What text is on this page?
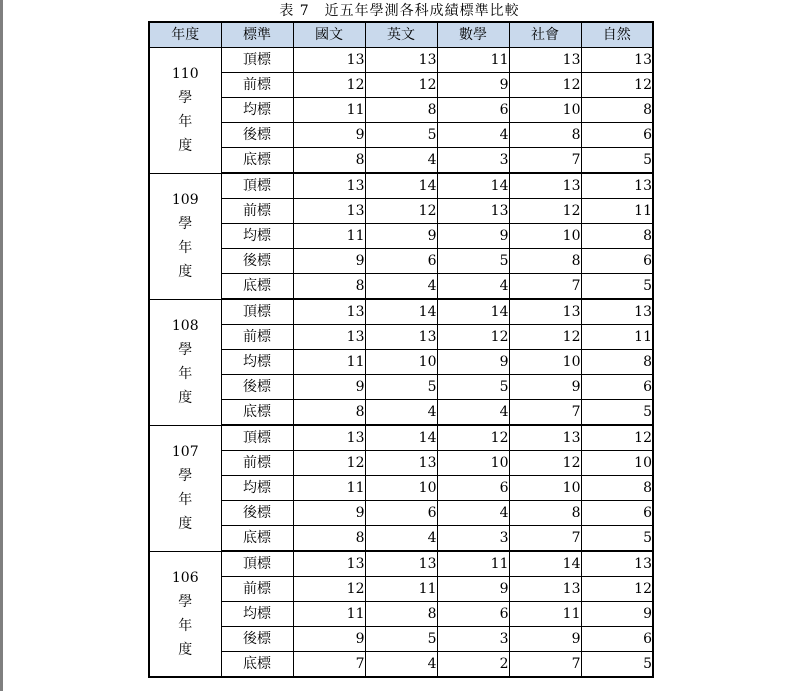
表 7　近五年學測各科成績標準比較
年度	標準	國文	英文	數學	社會	自然

110
學
年
度	頂標	13	13	11	13	13
	前標	12	12	9	12	12
	均標	11	8	6	10	8
	後標	9	5	4	8	6
	底標	8	4	3	7	5

109
學
年
度	頂標	13	14	14	13	13
	前標	13	12	13	12	11
	均標	11	9	9	10	8
	後標	9	6	5	8	6
	底標	8	4	4	7	5

108
學
年
度	頂標	13	14	14	13	13
	前標	13	13	12	12	11
	均標	11	10	9	10	8
	後標	9	5	5	9	6
	底標	8	4	4	7	5

107
學
年
度	頂標	13	14	12	13	12
	前標	12	13	10	12	10
	均標	11	10	6	10	8
	後標	9	6	4	8	6
	底標	8	4	3	7	5

106
學
年
度	頂標	13	13	11	14	13
	前標	12	11	9	13	12
	均標	11	8	6	11	9
	後標	9	5	3	9	6
	底標	7	4	2	7	5
